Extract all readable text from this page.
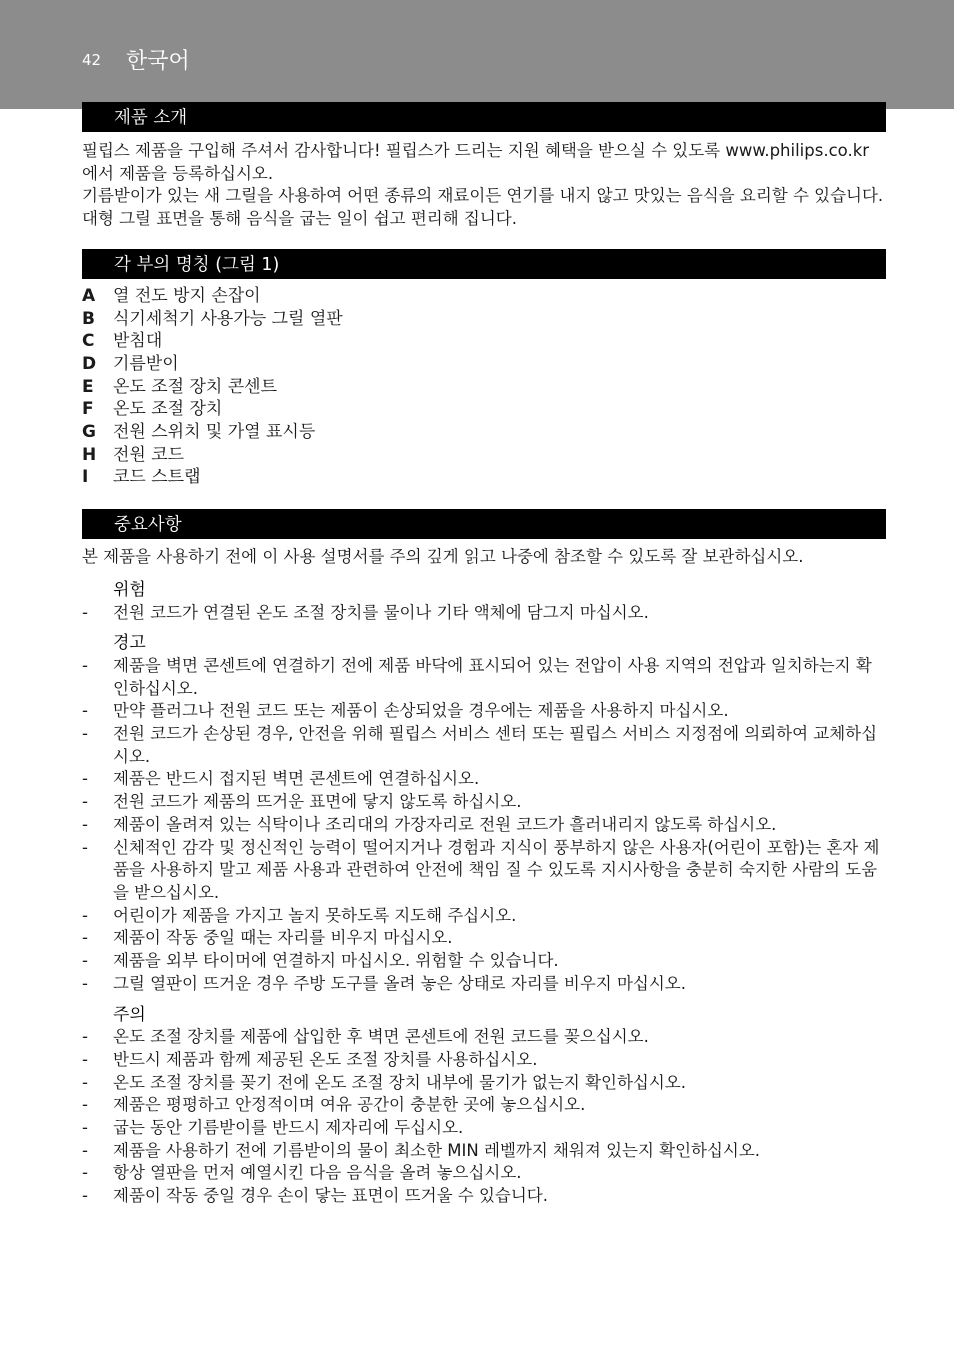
42 한국어
제품 소개

필립스 제품을 구입해 주셔서 감사합니다! 필립스가 드리는 지원 혜택을 받으실 수 있도록 www.philips.co.kr에서 제품을 등록하십시오.

기름받이가 있는 새 그릴을 사용하여 어떤 종류의 재료이든 연기를 내지 않고 맛있는 음식을 요리할 수 있습니다. 대형 그릴 표면을 통해 음식을 굽는 일이 쉽고 편리해 집니다.

각 부의 명칭 (그림 1)
A	열 전도 방지 손잡이
B	식기세척기 사용가능 그릴 열판
C	받침대
D 기름받이
E	온도 조절 장치 콘센트
F	온도 조절 장치
G	전원 스위치 및 가열 표시등
H 전원 코드
I	코드 스트랩
중요사항

본 제품을 사용하기 전에 이 사용 설명서를 주의 깊게 읽고 나중에 참조할 수 있도록 잘 보관하십시오.

위험
-	전원 코드가 연결된 온도 조절 장치를 물이나 기타 액체에 담그지 마십시오.
경고
-	제품을 벽면 콘센트에 연결하기 전에 제품 바닥에 표시되어 있는 전압이 사용 지역의 전압과 일치하는지 확인하십시오.
-	만약 플러그나 전원 코드 또는 제품이 손상되었을 경우에는 제품을 사용하지 마십시오.
-	전원 코드가 손상된 경우, 안전을 위해 필립스 서비스 센터 또는 필립스 서비스 지정점에 의뢰하여 교체하십시오.
-	제품은 반드시 접지된 벽면 콘센트에 연결하십시오.
-	전원 코드가 제품의 뜨거운 표면에 닿지 않도록 하십시오.
-	제품이 올려져 있는 식탁이나 조리대의 가장자리로 전원 코드가 흘러내리지 않도록 하십시오.
-	신체적인 감각 및 정신적인 능력이 떨어지거나 경험과 지식이 풍부하지 않은 사용자(어린이 포함)는 혼자 제품을 사용하지 말고 제품 사용과 관련하여 안전에 책임 질 수 있도록 지시사항을 충분히 숙지한 사람의 도움을 받으십시오.
-	어린이가 제품을 가지고 놀지 못하도록 지도해 주십시오.
-	제품이 작동 중일 때는 자리를 비우지 마십시오.
-	제품을 외부 타이머에 연결하지 마십시오. 위험할 수 있습니다.
-	그릴 열판이 뜨거운 경우 주방 도구를 올려 놓은 상태로 자리를 비우지 마십시오.
주의
-	온도 조절 장치를 제품에 삽입한 후 벽면 콘센트에 전원 코드를 꽂으십시오.
-	반드시 제품과 함께 제공된 온도 조절 장치를 사용하십시오.
-	온도 조절 장치를 꽂기 전에 온도 조절 장치 내부에 물기가 없는지 확인하십시오.
-	제품은 평평하고 안정적이며 여유 공간이 충분한 곳에 놓으십시오.
-	굽는 동안 기름받이를 반드시 제자리에 두십시오.
-	제품을 사용하기 전에 기름받이의 물이 최소한 MIN 레벨까지 채워져 있는지 확인하십시오.
-	항상 열판을 먼저 예열시킨 다음 음식을 올려 놓으십시오.
-	제품이 작동 중일 경우 손이 닿는 표면이 뜨거울 수 있습니다.
